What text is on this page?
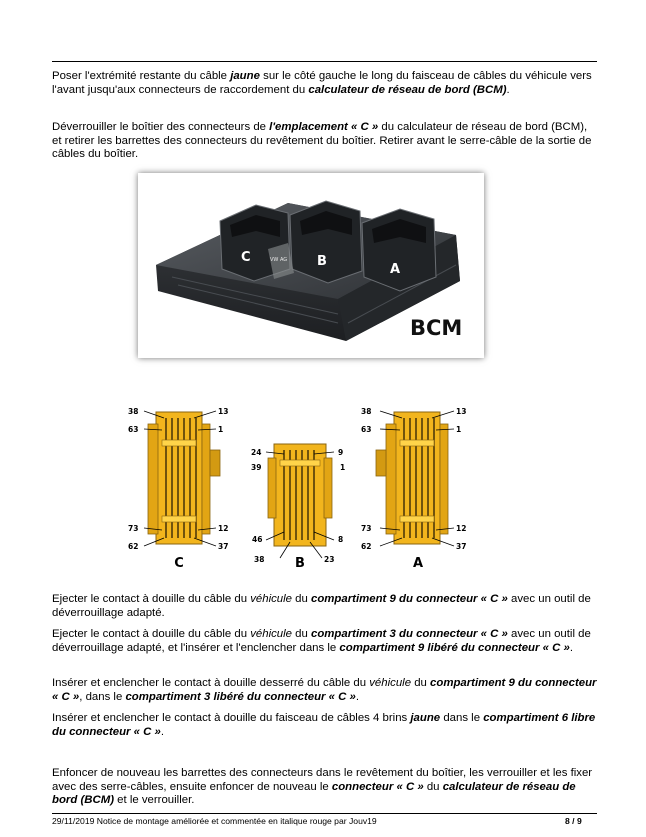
Poser l'extrémité restante du câble jaune sur le côté gauche le long du faisceau de câbles du véhicule vers l'avant jusqu'aux connecteurs de raccordement du calculateur de réseau de bord (BCM).
Déverrouiller le boîtier des connecteurs de l'emplacement « C » du calculateur de réseau de bord (BCM), et retirer les barrettes des connecteurs du revêtement du boîtier. Retirer avant le serre-câble de la sortie de câbles du boîtier.
C	B
A
VW AG
BCM
38	13
63	1
73	12
62	37
C
24	9
39	1
46	8
38	23
B
38	13
63	1
73	12
62	37
A
Ejecter le contact à douille du câble du véhicule du compartiment 9 du connecteur « C » avec un outil de déverrouillage adapté.
Ejecter le contact à douille du câble du véhicule du compartiment 3 du connecteur « C » avec un outil de déverrouillage adapté, et l'insérer et l'enclencher dans le compartiment 9 libéré du connecteur « C ».
Insérer et enclencher le contact à douille desserré du câble du véhicule du compartiment 9 du connecteur « C », dans le compartiment 3 libéré du connecteur « C ».
Insérer et enclencher le contact à douille du faisceau de câbles 4 brins jaune dans le compartiment 6 libre du connecteur « C ».
Enfoncer de nouveau les barrettes des connecteurs dans le revêtement du boîtier, les verrouiller et les fixer avec des serre-câbles, ensuite enfoncer de nouveau le connecteur « C » du calculateur de réseau de bord (BCM) et le verrouiller.
29/11/2019 Notice de montage améliorée et commentée en italique rouge par Jouv19	8 / 9
